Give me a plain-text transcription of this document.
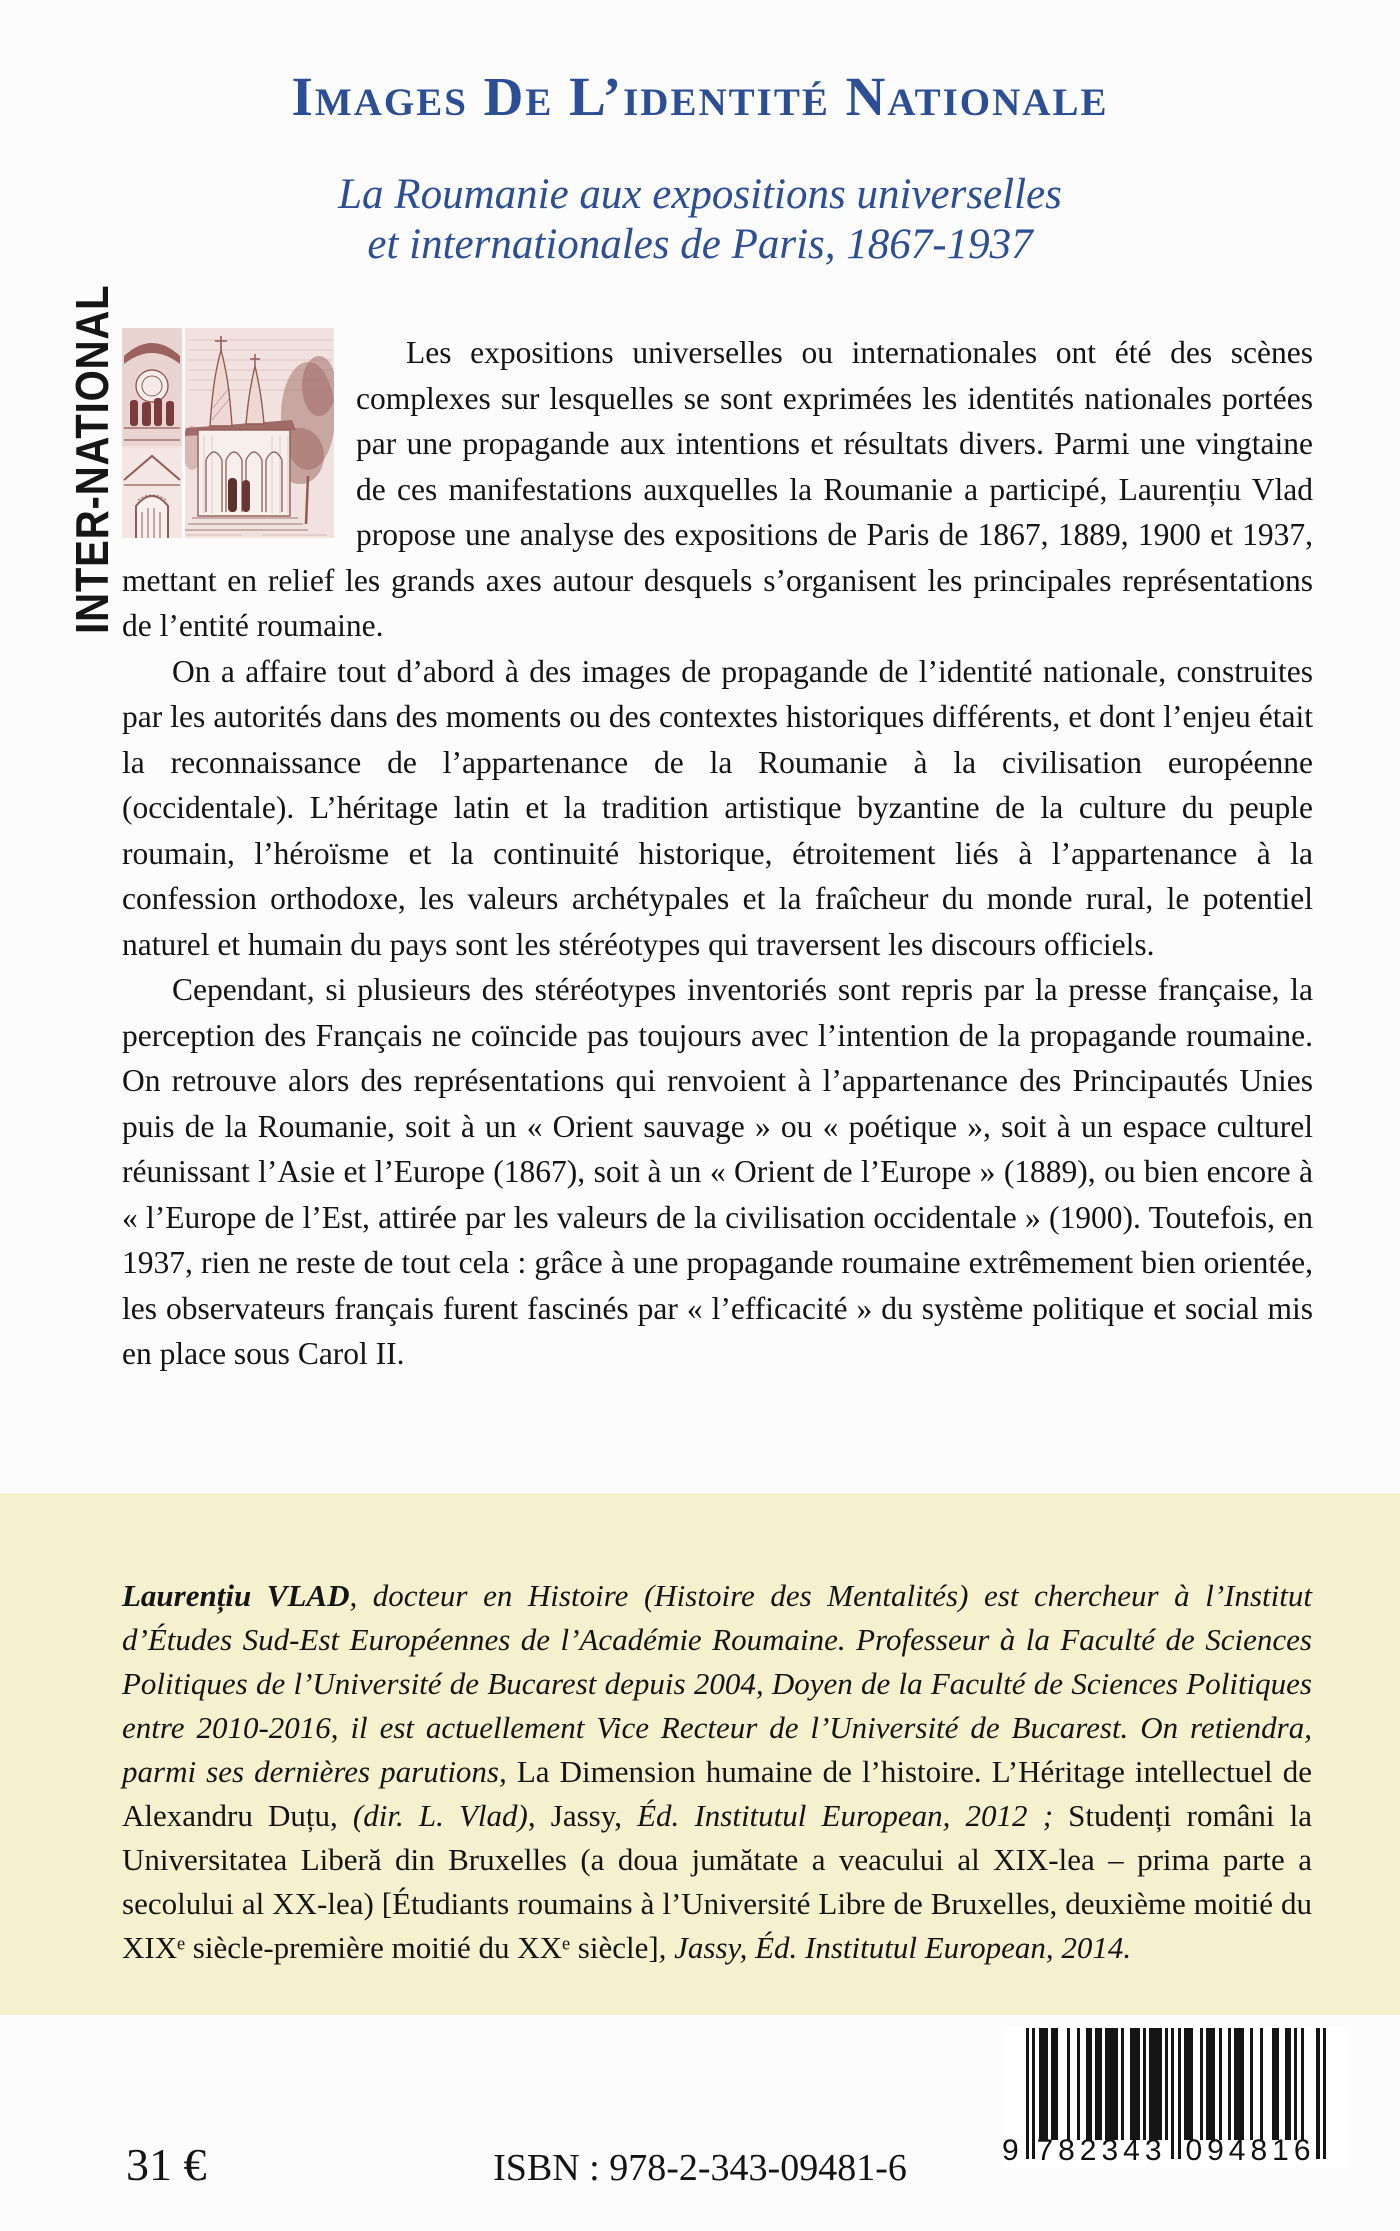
Images De L’identité Nationale
La Roumanie aux expositions universelles
et internationales de Paris, 1867-1937
INTER-NATIONAL	Les expositions universelles ou internationales ont été des scènes complexes sur lesquelles se sont exprimées les identités nationales portées par une propagande aux intentions et résultats divers. Parmi une vingtaine de ces manifestations auxquelles la Roumanie a participé, Laurențiu Vlad propose une analyse des expositions de Paris de 1867, 1889, 1900 et 1937, mettant en relief les grands axes autour desquels s’organisent les principales représentations de l’entité roumaine.

On a affaire tout d’abord à des images de propagande de l’identité nationale, construites par les autorités dans des moments ou des contextes historiques différents, et dont l’enjeu était la reconnaissance de l’appartenance de la Roumanie à la civilisation européenne (occidentale). L’héritage latin et la tradition artistique byzantine de la culture du peuple roumain, l’héroïsme et la continuité historique, étroitement liés à l’appartenance à la confession orthodoxe, les valeurs archétypales et la fraîcheur du monde rural, le potentiel naturel et humain du pays sont les stéréotypes qui traversent les discours officiels.

Cependant, si plusieurs des stéréotypes inventoriés sont repris par la presse française, la perception des Français ne coïncide pas toujours avec l’intention de la propagande roumaine. On retrouve alors des représentations qui renvoient à l’appartenance des Principautés Unies puis de la Roumanie, soit à un « Orient sauvage » ou « poétique », soit à un espace culturel réunissant l’Asie et l’Europe (1867), soit à un « Orient de l’Europe » (1889), ou bien encore à « l’Europe de l’Est, attirée par les valeurs de la civilisation occidentale » (1900). Toutefois, en 1937, rien ne reste de tout cela : grâce à une propagande roumaine extrêmement bien orientée, les observateurs français furent fascinés par « l’efficacité » du système politique et social mis en place sous Carol II.

Laurențiu VLAD, docteur en Histoire (Histoire des Mentalités) est chercheur à l’Institut d’Études Sud-Est Européennes de l’Académie Roumaine. Professeur à la Faculté de Sciences Politiques de l’Université de Bucarest depuis 2004, Doyen de la Faculté de Sciences Politiques entre 2010-2016, il est actuellement Vice Recteur de l’Université de Bucarest. On retiendra, parmi ses dernières parutions, La Dimension humaine de l’histoire. L’Héritage intellectuel de Alexandru Duțu, (dir. L. Vlad), Jassy, Éd. Institutul European, 2012 ; Studenți români la Universitatea Liberă din Bruxelles (a doua jumătate a veacului al XIX-lea – prima parte a secolului al XX-lea) [Étudiants roumains à l’Université Libre de Bruxelles, deuxième moitié du XIXᵉ siècle-première moitié du XXᵉ siècle], Jassy, Éd. Institutul European, 2014.

31 €	ISBN : 978-2-343-09481-6	9 782343 094816
